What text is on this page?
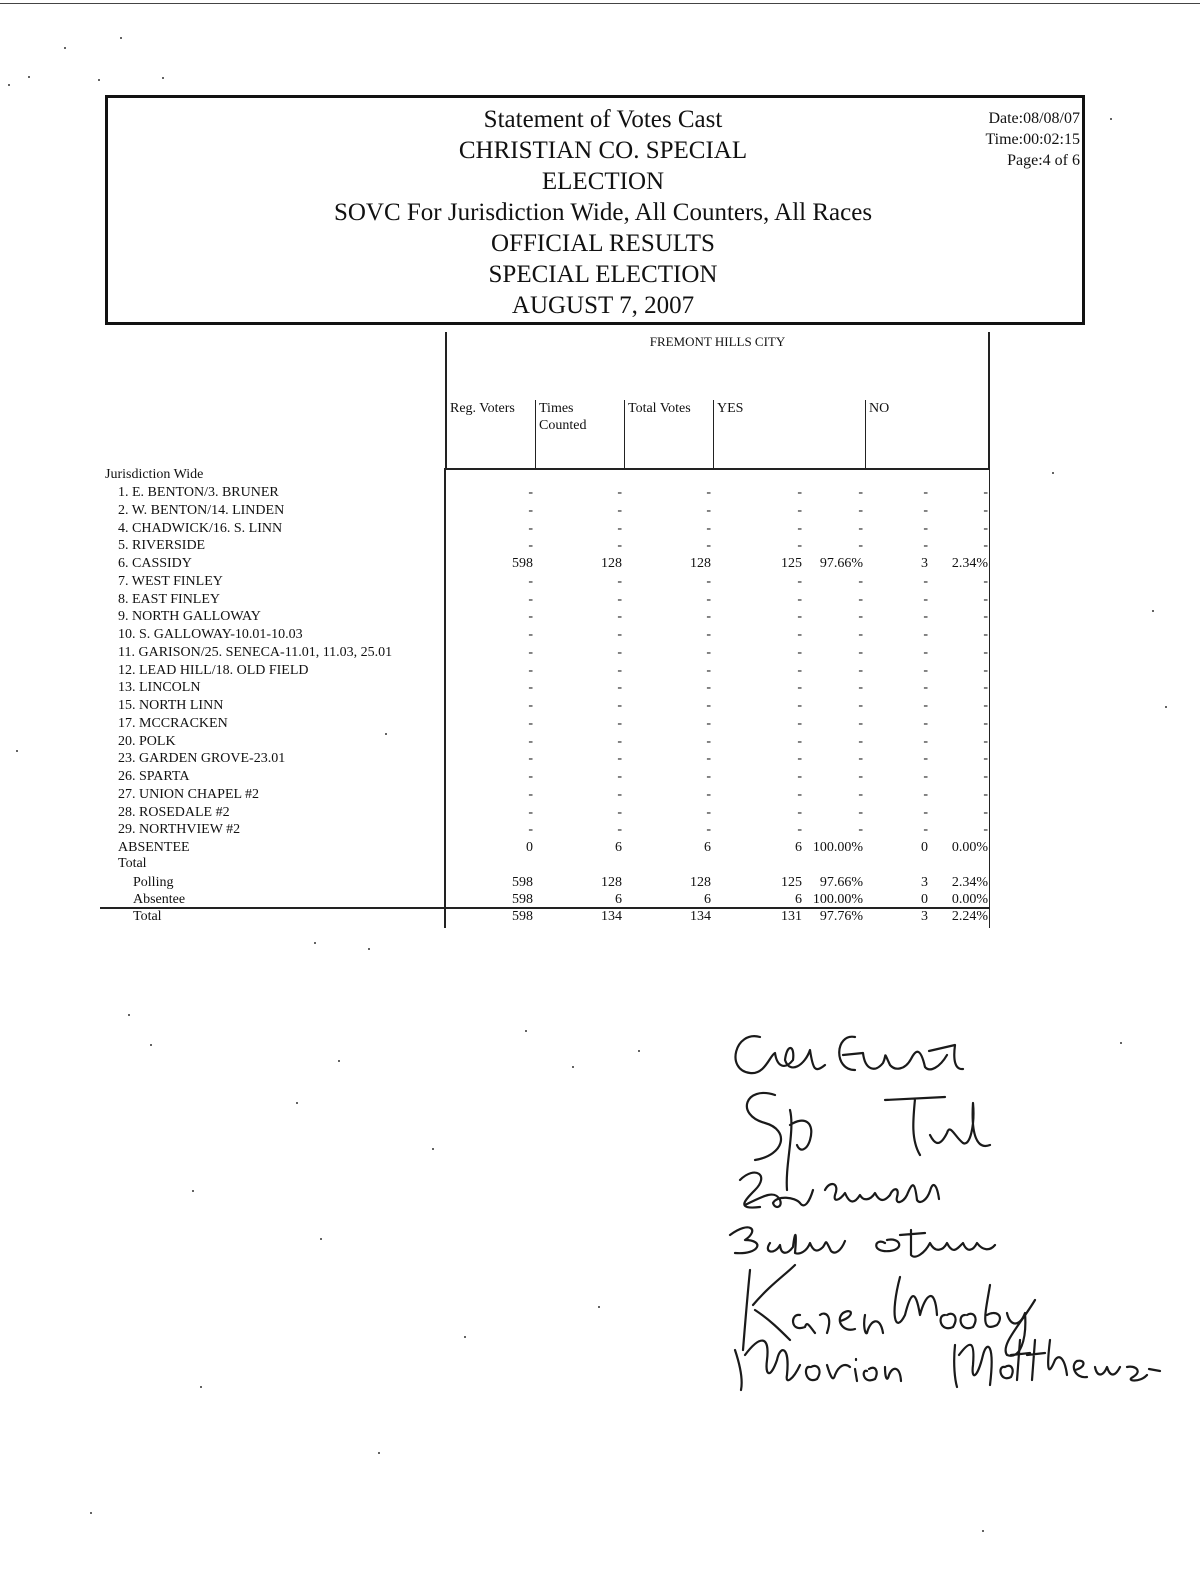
Statement of Votes Cast
CHRISTIAN CO. SPECIAL
ELECTION
SOVC For Jurisdiction Wide, All Counters, All Races
OFFICIAL RESULTS
SPECIAL ELECTION
AUGUST 7, 2007
Date:08/08/07
Time:00:02:15
Page:4 of 6
FREMONT HILLS CITY
Reg. Voters	Times Counted
Total Votes	YES	NO
Jurisdiction Wide
1. E. BENTON/3. BRUNER	-	-	-	-	-	-	-
2. W. BENTON/14. LINDEN	-	-	-	-	-	-	-
4. CHADWICK/16. S. LINN	-	-	-	-	-	-	-
5. RIVERSIDE	-	-	-	-	-	-	-
6. CASSIDY	598	128	128	125	97.66%	3	2.34%
7. WEST FINLEY	-	-	-	-	-	-	-
8. EAST FINLEY	-	-	-	-	-	-	-
9. NORTH GALLOWAY	-	-	-	-	-	-	-
10. S. GALLOWAY-10.01-10.03	-	-	-	-	-	-	-
11. GARISON/25. SENECA-11.01, 11.03, 25.01	-	-	-	-	-	-	-
12. LEAD HILL/18. OLD FIELD	-	-	-	-	-	-	-
13. LINCOLN	-	-	-	-	-	-	-
15. NORTH LINN	-	-	-	-	-	-	-
17. MCCRACKEN	-	-	-	-	-	-	-
20. POLK	-	-	-	-	-	-	-
23. GARDEN GROVE-23.01	-	-	-	-	-	-	-
26. SPARTA	-	-	-	-	-	-	-
27. UNION CHAPEL #2	-	-	-	-	-	-	-
28. ROSEDALE #2	-	-	-	-	-	-	-
29. NORTHVIEW #2	-	-	-	-	-	-	-
ABSENTEE	0	6	6	6 100.00%	0	0.00%
Total
Polling	598	128	128	125	97.66%	3	2.34%
Absentee	598	6	6	6 100.00%	0	0.00%
Total	598	134	134	131	97.76%	3	2.24%
